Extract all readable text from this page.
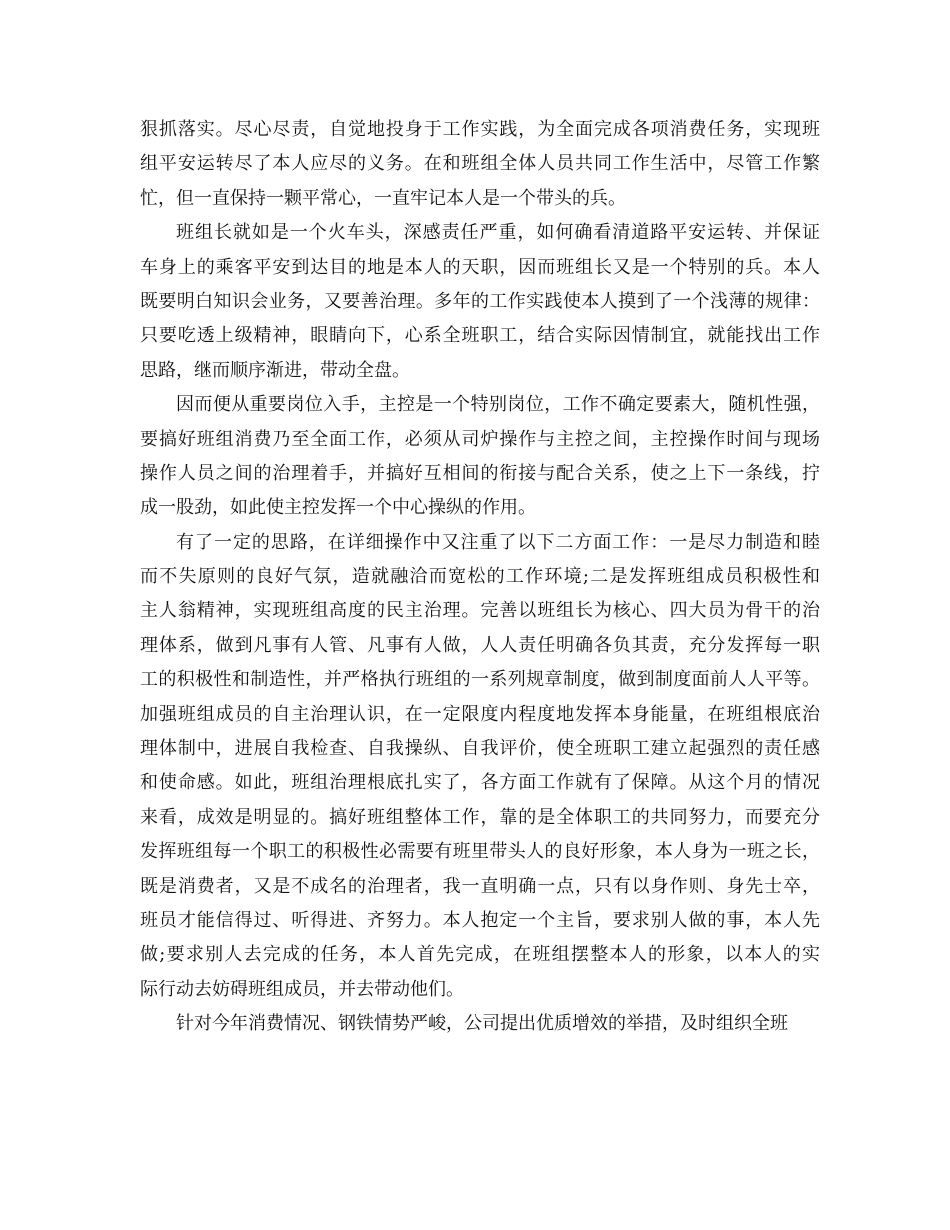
狠抓落实。尽心尽责，自觉地投身于工作实践，为全面完成各项消费任务，实现班
组平安运转尽了本人应尽的义务。在和班组全体人员共同工作生活中，尽管工作繁
忙，但一直保持一颗平常心，一直牢记本人是一个带头的兵。
班组长就如是一个火车头，深感责任严重，如何确看清道路平安运转、并保证
车身上的乘客平安到达目的地是本人的天职，因而班组长又是一个特别的兵。本人
既要明白知识会业务，又要善治理。多年的工作实践使本人摸到了一个浅薄的规律：
只要吃透上级精神，眼睛向下，心系全班职工，结合实际因情制宜，就能找出工作
思路，继而顺序渐进，带动全盘。
因而便从重要岗位入手，主控是一个特别岗位，工作不确定要素大，随机性强，
要搞好班组消费乃至全面工作，必须从司炉操作与主控之间，主控操作时间与现场
操作人员之间的治理着手，并搞好互相间的衔接与配合关系，使之上下一条线，拧
成一股劲，如此使主控发挥一个中心操纵的作用。
有了一定的思路，在详细操作中又注重了以下二方面工作：一是尽力制造和睦
而不失原则的良好气氛，造就融洽而宽松的工作环境;二是发挥班组成员积极性和
主人翁精神，实现班组高度的民主治理。完善以班组长为核心、四大员为骨干的治
理体系，做到凡事有人管、凡事有人做，人人责任明确各负其责，充分发挥每一职
工的积极性和制造性，并严格执行班组的一系列规章制度，做到制度面前人人平等。
加强班组成员的自主治理认识，在一定限度内程度地发挥本身能量，在班组根底治
理体制中，进展自我检查、自我操纵、自我评价，使全班职工建立起强烈的责任感
和使命感。如此，班组治理根底扎实了，各方面工作就有了保障。从这个月的情况
来看，成效是明显的。搞好班组整体工作，靠的是全体职工的共同努力，而要充分
发挥班组每一个职工的积极性必需要有班里带头人的良好形象，本人身为一班之长，
既是消费者，又是不成名的治理者，我一直明确一点，只有以身作则、身先士卒，
班员才能信得过、听得进、齐努力。本人抱定一个主旨，要求别人做的事，本人先
做;要求别人去完成的任务，本人首先完成，在班组摆整本人的形象，以本人的实
际行动去妨碍班组成员，并去带动他们。
针对今年消费情况、钢铁情势严峻，公司提出优质增效的举措，及时组织全班
